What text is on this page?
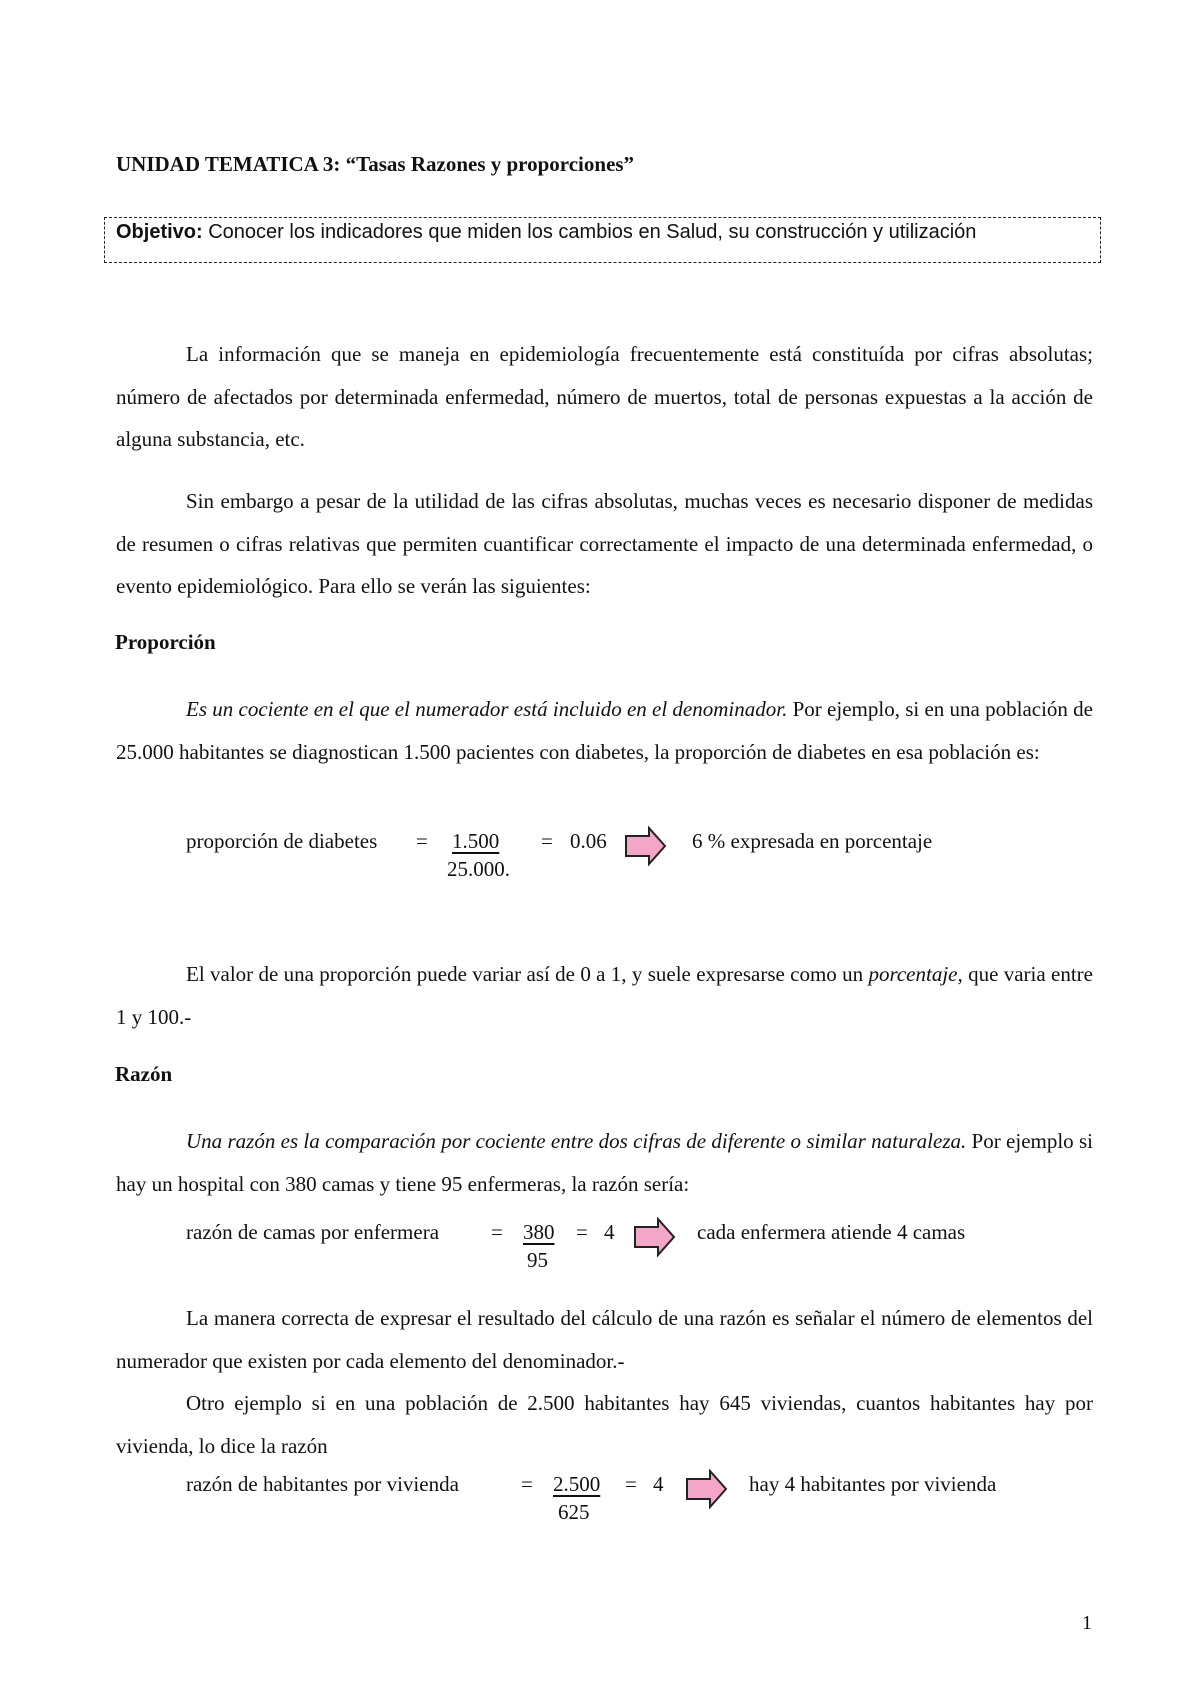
UNIDAD TEMATICA 3: “Tasas Razones y proporciones”
Objetivo: Conocer los indicadores que miden los cambios en Salud, su construcción y utilización
La información que se maneja en epidemiología frecuentemente está constituída por cifras absolutas; número de afectados por determinada enfermedad, número de muertos, total de personas expuestas a la acción de alguna substancia, etc.
Sin embargo a pesar de la utilidad de las cifras absolutas, muchas veces es necesario disponer de medidas de resumen o cifras relativas que permiten cuantificar correctamente el impacto de una determinada enfermedad, o evento epidemiológico. Para ello se verán las siguientes:
Proporción
Es un cociente en el que el numerador está incluido en el denominador. Por ejemplo, si en una población de 25.000 habitantes se diagnostican 1.500 pacientes con diabetes, la proporción de diabetes en esa población es:
proporción de diabetes = 1.500
25.000.
= 0.06	6 % expresada en porcentaje
El valor de una proporción puede variar así de 0 a 1, y suele expresarse como un porcentaje, que varia entre 1 y 100.-
Razón
Una razón es la comparación por cociente entre dos cifras de diferente o similar naturaleza. Por ejemplo si hay un hospital con 380 camas y tiene 95 enfermeras, la razón sería:
razón de camas por enfermera = 380
95
= 4	cada enfermera atiende 4 camas
La manera correcta de expresar el resultado del cálculo de una razón es señalar el número de elementos del numerador que existen por cada elemento del denominador.-
Otro ejemplo si en una población de 2.500 habitantes hay 645 viviendas, cuantos habitantes hay por vivienda, lo dice la razón
razón de habitantes por vivienda	= 2.500
625
= 4	hay 4 habitantes por vivienda
1
